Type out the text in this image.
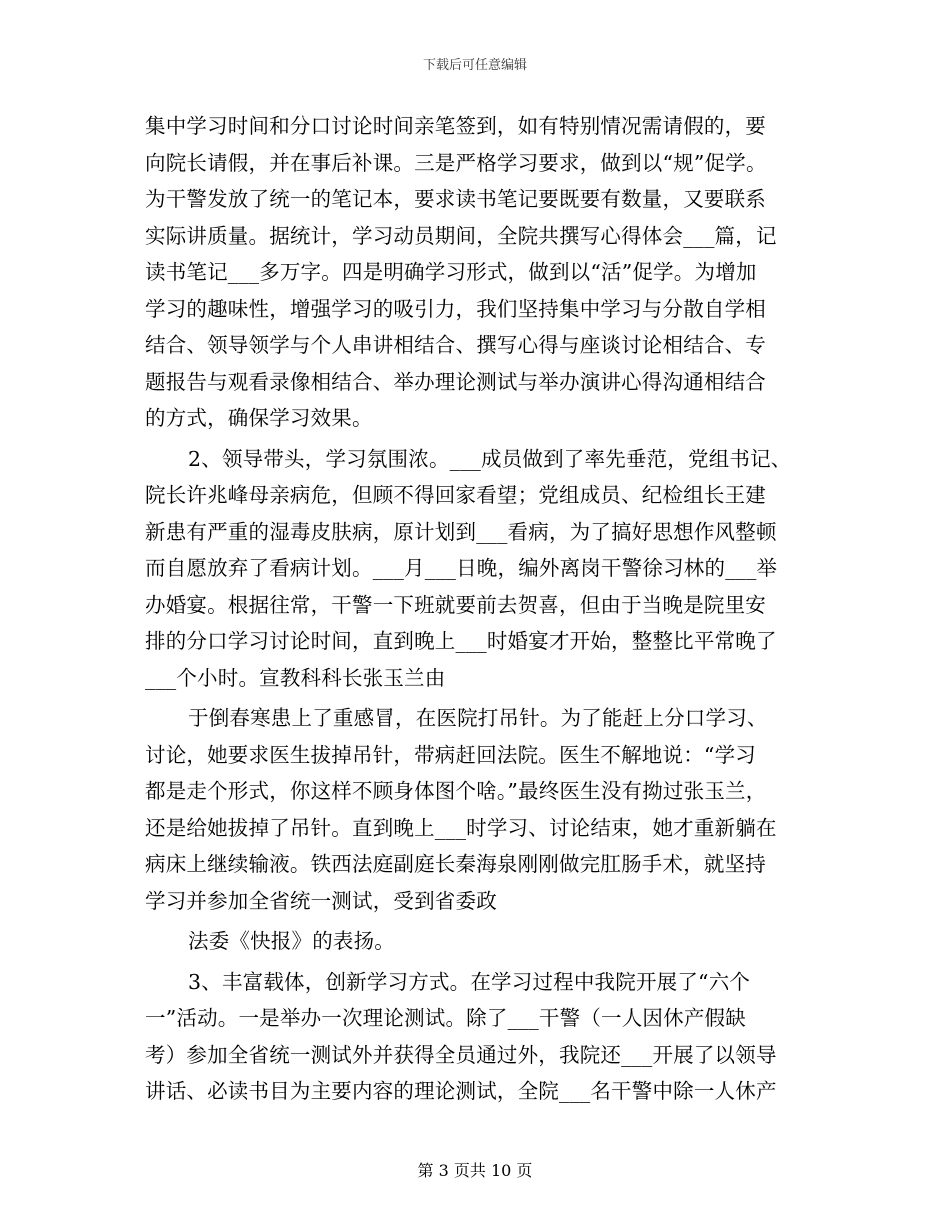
下载后可任意编辑

集中学习时间和分口讨论时间亲笔签到，如有特别情况需请假的，要
向院长请假，并在事后补课。三是严格学习要求，做到以“规”促学。
为干警发放了统一的笔记本，要求读书笔记要既要有数量，又要联系
实际讲质量。据统计，学习动员期间，全院共撰写心得体会___篇，记
读书笔记___多万字。四是明确学习形式，做到以“活”促学。为增加
学习的趣味性，增强学习的吸引力，我们坚持集中学习与分散自学相
结合、领导领学与个人串讲相结合、撰写心得与座谈讨论相结合、专
题报告与观看录像相结合、举办理论测试与举办演讲心得沟通相结合
的方式，确保学习效果。

2、领导带头，学习氛围浓。___成员做到了率先垂范，党组书记、
院长许兆峰母亲病危，但顾不得回家看望；党组成员、纪检组长王建
新患有严重的湿毒皮肤病，原计划到___看病，为了搞好思想作风整顿
而自愿放弃了看病计划。___月___日晚，编外离岗干警徐习林的___举
办婚宴。根据往常，干警一下班就要前去贺喜，但由于当晚是院里安
排的分口学习讨论时间，直到晚上___时婚宴才开始，整整比平常晚了
___个小时。宣教科科长张玉兰由

于倒春寒患上了重感冒，在医院打吊针。为了能赶上分口学习、
讨论，她要求医生拔掉吊针，带病赶回法院。医生不解地说：“学习
都是走个形式，你这样不顾身体图个啥。”最终医生没有拗过张玉兰，
还是给她拔掉了吊针。直到晚上___时学习、讨论结束，她才重新躺在
病床上继续输液。铁西法庭副庭长秦海泉刚刚做完肛肠手术，就坚持
学习并参加全省统一测试，受到省委政

法委《快报》的表扬。

3、丰富载体，创新学习方式。在学习过程中我院开展了“六个
一”活动。一是举办一次理论测试。除了___干警（一人因休产假缺
考）参加全省统一测试外并获得全员通过外，我院还___开展了以领导
讲话、必读书目为主要内容的理论测试，全院___名干警中除一人休产

第 3 页共 10 页
